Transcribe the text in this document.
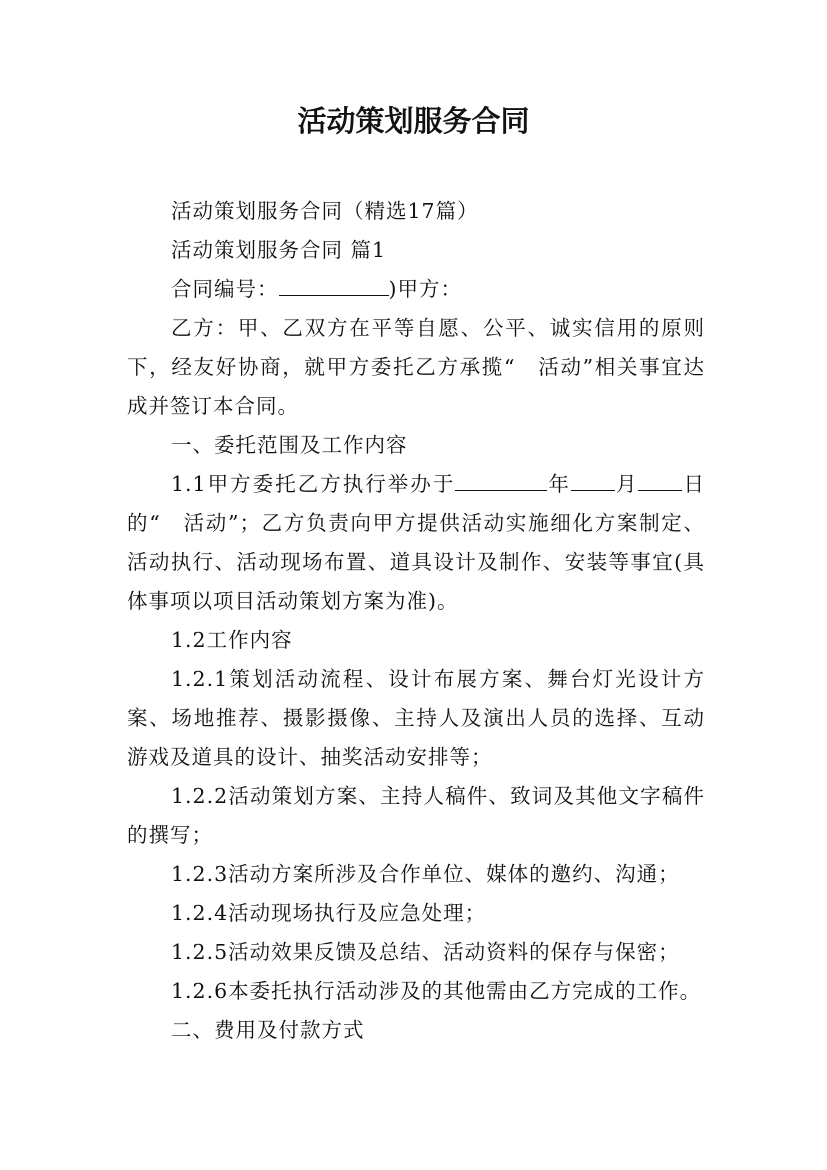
活动策划服务合同

活动策划服务合同（精选17篇）

活动策划服务合同 篇1

合同编号：	)甲方：

乙方：甲、乙双方在平等自愿、公平、诚实信用的原则下，经友好协商，就甲方委托乙方承揽“　活动”相关事宜达成并签订本合同。

一、委托范围及工作内容

1.1甲方委托乙方执行举办于	年 月 日的“　活动”；乙方负责向甲方提供活动实施细化方案制定、活动执行、活动现场布置、道具设计及制作、安装等事宜(具体事项以项目活动策划方案为准)。

1.2工作内容

1.2.1策划活动流程、设计布展方案、舞台灯光设计方案、场地推荐、摄影摄像、主持人及演出人员的选择、互动游戏及道具的设计、抽奖活动安排等；

1.2.2活动策划方案、主持人稿件、致词及其他文字稿件的撰写；

1.2.3活动方案所涉及合作单位、媒体的邀约、沟通；

1.2.4活动现场执行及应急处理；

1.2.5活动效果反馈及总结、活动资料的保存与保密；

1.2.6本委托执行活动涉及的其他需由乙方完成的工作。

二、费用及付款方式
